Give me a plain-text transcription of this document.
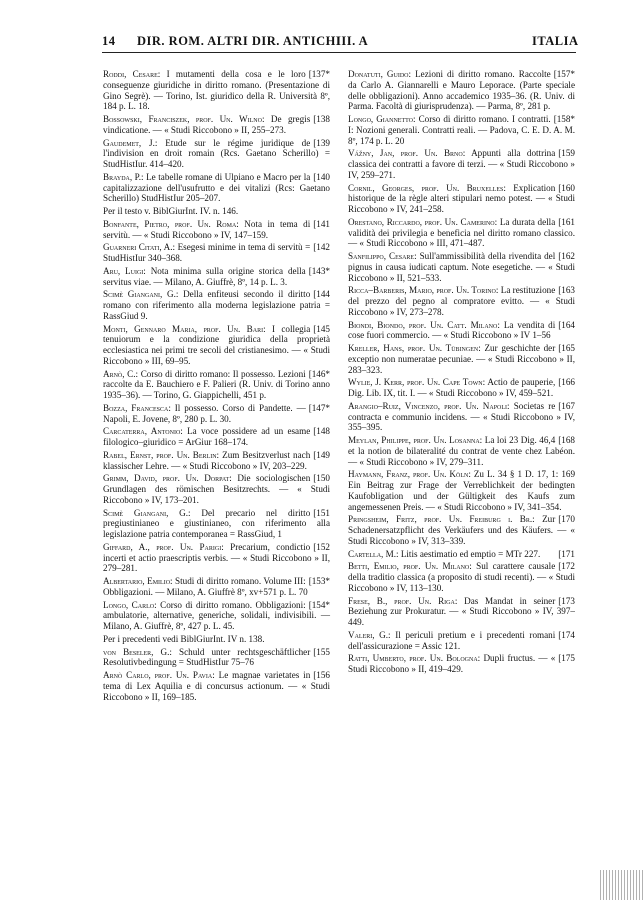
14 DIR. ROM. ALTRI DIR. ANTICHI
III. A	ITALIA
[137*
Roddi, Cesare: I mutamenti della cosa e le loro conseguenze giuridiche in diritto romano. (Presentazione di Gino Segrè). — Torino, Ist. giuridico della R. Università 8º, 184 p. L. 18.
[138
Bossowski, Franciszek, prof. Un. Wilno: De gregis vindicatione. — « Studi Riccobono » II, 255–273.
[139
Gaudemet, J.: Etude sur le régime juridique de l'indivision en droit romain (Rcs. Gaetano Scherillo) = StudHistIur. 414–420.
[140
Brayda, P.: Le tabelle romane di Ulpiano e Macro per la capitalizzazione dell'usufrutto e dei vitalizi (Rcs: Gaetano Scherillo) StudHistIur 205–207.
Per il testo v. BiblGiurInt. IV. n. 146.
[141
Bonfante, Pietro, prof. Un. Roma: Nota in tema di servitù. — « Studi Riccobono » IV, 147–159.
[142
Guarneri Citati, A.: Esegesi minime in tema di servitù = StudHistIur 340–368.
[143*
Aru, Luigi: Nota minima sulla origine storica della servitus viae. — Milano, A. Giuffrè, 8º, 14 p. L. 3.
[144
Scimè Giangani, G.: Della enfiteusi secondo il diritto romano con riferimento alla moderna legislazione patria = RassGiud 9.
[145
Monti, Gennaro Maria, prof. Un. Bari: I collegia tenuiorum e la condizione giuridica della proprietà ecclesiastica nei primi tre secoli del cristianesimo. — « Studi Riccobono » III, 69–95.
[146*
Arnò, C.: Corso di diritto romano: Il possesso. Lezioni raccolte da E. Bauchiero e F. Palieri (R. Univ. di Torino anno 1935–36). — Torino, G. Giappichelli, 451 p.
[147*
Bozza, Francesca: Il possesso. Corso di Pandette. — Napoli, E. Jovene, 8º, 280 p. L. 30.
[148
Carcaterra, Antonio: La voce possidere ad un esame filologico–giuridico = ArGiur 168–174.
[149
Rabel, Ernst, prof. Un. Berlin: Zum Besitzverlust nach klassischer Lehre. — « Studi Riccobono » IV, 203–229.
[150
Grimm, David, prof. Un. Dorpat: Die sociologischen Grundlagen des römischen Besitzrechts. — « Studi Riccobono » IV, 173–201.
[151
Scimè Giangani, G.: Del precario nel diritto pregiustinianeo e giustinianeo, con riferimento alla legislazione patria contemporanea = RassGiud, 1
[152
Giffard, A., prof. Un. Parigi: Precarium, condictio incerti et actio praescriptis verbis. — « Studi Riccobono » II, 279–281.
[153*
Albertario, Emilio: Studi di diritto romano. Volume III: Obbligazioni. — Milano, A. Giuffrè 8º, xv+571 p. L. 70
[154*
Longo, Carlo: Corso di diritto romano. Obbligazioni: ambulatorie, alternative, generiche, solidali, indivisibili. — Milano, A. Giuffrè, 8º, 427 p. L. 45.
Per i precedenti vedi BiblGiurInt. IV n. 138.
[155
von Beseler, G.: Schuld unter rechtsgeschäftlicher Resolutivbedingung = StudHistIur 75–76
[156
Arnò Carlo, prof. Un. Pavia: Le magnae varietates in tema di Lex Aquilia e di concursus actionum. — « Studi Riccobono » II, 169–185.
[157*
Donatuti, Guido: Lezioni di diritto romano. Raccolte da Carlo A. Giannarelli e Mauro Leporace. (Parte speciale delle obbligazioni). Anno accademico 1935–36. (R. Univ. di Parma. Facoltà di giurisprudenza). — Parma, 8º, 281 p.
[158*
Longo, Giannetto: Corso di diritto romano. I contratti. I: Nozioni generali. Contratti reali. — Padova, C. E. D. A. M. 8º, 174 p. L. 20
[159
Vážny, Jan, prof. Un. Brno: Appunti alla dottrina classica dei contratti a favore di terzi. — « Studi Riccobono » IV, 259–271.
[160
Cornil, Georges, prof. Un. Bruxelles: Explication historique de la règle alteri stipulari nemo potest. — « Studi Riccobono » IV, 241–258.
[161
Orestano, Riccardo, prof. Un. Camerino: La durata della validità dei privilegia e beneficia nel diritto romano classico. — « Studi Riccobono » III, 471–487.
[162
Sanfilippo, Cesare: Sull'ammissibilità della rivendita del pignus in causa iudicati captum. Note esegetiche. — « Studi Riccobono » II, 521–533.
[163
Ricca–Barberis, Mario, prof. Un. Torino: La restituzione del prezzo del pegno al compratore evitto. — « Studi Riccobono » IV, 273–278.
[164
Biondi, Biondo, prof. Un. Catt. Milano: La vendita di cose fuori commercio. — « Studi Riccobono » IV 1–56
[165
Kreller, Hans, prof. Un. Tübingen: Zur geschichte der exceptio non numeratae pecuniae. — « Studi Riccobono » II, 283–323.
[166
Wylie, J. Kerr, prof. Un. Cape Town: Actio de pauperie, Dig. Lib. IX, tit. I. — « Studi Riccobono » IV, 459–521.
[167
Arangio–Ruiz, Vincenzo, prof. Un. Napoli: Societas re contracta e communio incidens. — « Studi Riccobono » IV, 355–395.
[168
Meylan, Philippe, prof. Un. Losanna: La loi 23 Dig. 46,4 et la notion de bilateralité du contrat de vente chez Labéon. — « Studi Riccobono » IV, 279–311.
169
Haymann, Franz, prof. Un. Köln: Zu L. 34 § 1 D. 17, 1: Ein Beitrag zur Frage der Verreblichkeit der bedingten Kaufobligation und der Gültigkeit des Kaufs zum angemessenen Preis. — « Studi Riccobono » IV, 341–354.
[170
Pringsheim, Fritz, prof. Un. Freiburg i. Br.: Zur Schadenersatzpflicht des Verkäufers und des Käufers. — « Studi Riccobono » IV, 313–339.
[171
Cartella, M.: Litis aestimatio ed emptio = MTr 227.
[172
Betti, Emilio, prof. Un. Milano: Sul carattere causale della traditio classica (a proposito di studi recenti). — « Studi Riccobono » IV, 113–130.
[173
Frese, B., prof. Un. Riga: Das Mandat in seiner Beziehung zur Prokuratur. — « Studi Riccobono » IV, 397–449.
[174
Valeri, G.: Il periculi pretium e i precedenti romani dell'assicurazione = Assic 121.
[175
Ratti, Umberto, prof. Un. Bologna: Dupli fructus. — « Studi Riccobono » II, 419–429.
